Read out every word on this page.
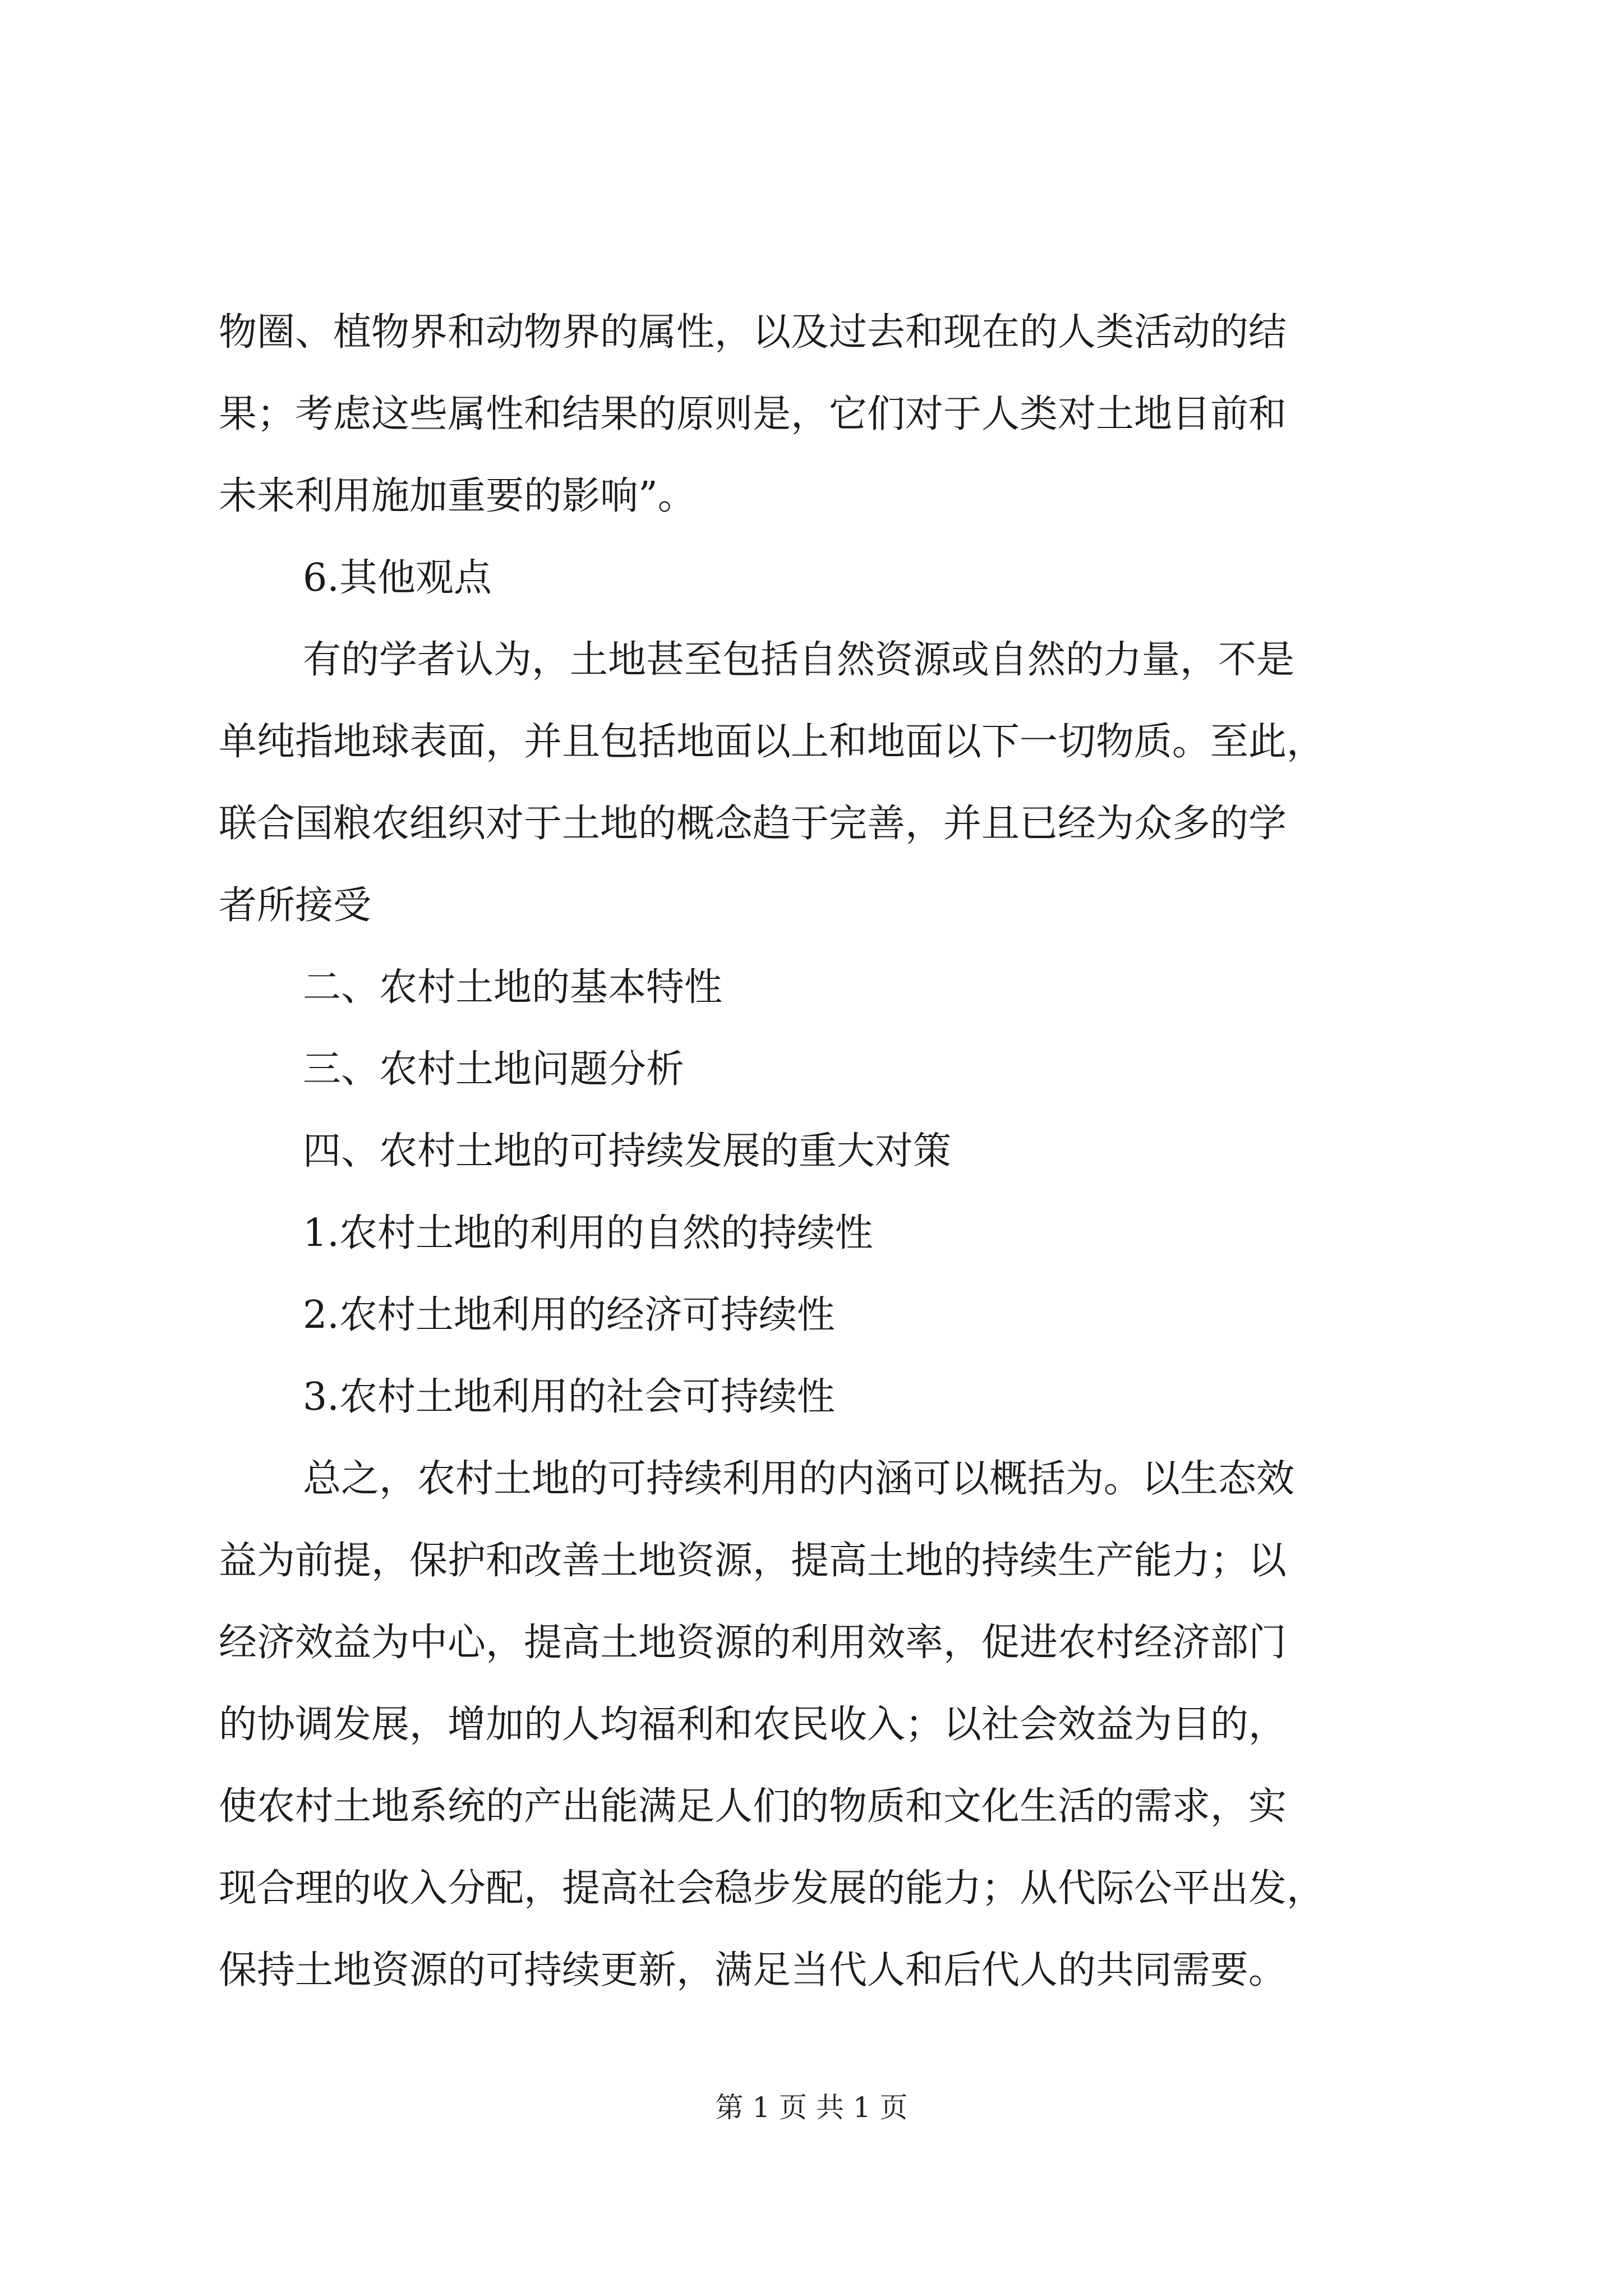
物圈、植物界和动物界的属性，以及过去和现在的人类活动的结
果；考虑这些属性和结果的原则是，它们对于人类对土地目前和
未来利用施加重要的影响”。
6.其他观点
有的学者认为，土地甚至包括自然资源或自然的力量，不是
单纯指地球表面，并且包括地面以上和地面以下一切物质。至此，
联合国粮农组织对于土地的概念趋于完善，并且已经为众多的学
者所接受
二、农村土地的基本特性
三、农村土地问题分析
四、农村土地的可持续发展的重大对策
1.农村土地的利用的自然的持续性
2.农村土地利用的经济可持续性
3.农村土地利用的社会可持续性
总之，农村土地的可持续利用的内涵可以概括为。以生态效
益为前提，保护和改善土地资源，提高土地的持续生产能力；以
经济效益为中心，提高土地资源的利用效率，促进农村经济部门
的协调发展，增加的人均福利和农民收入；以社会效益为目的，
使农村土地系统的产出能满足人们的物质和文化生活的需求，实
现合理的收入分配，提高社会稳步发展的能力；从代际公平出发，
保持土地资源的可持续更新，满足当代人和后代人的共同需要。
第 1 页 共 1 页
